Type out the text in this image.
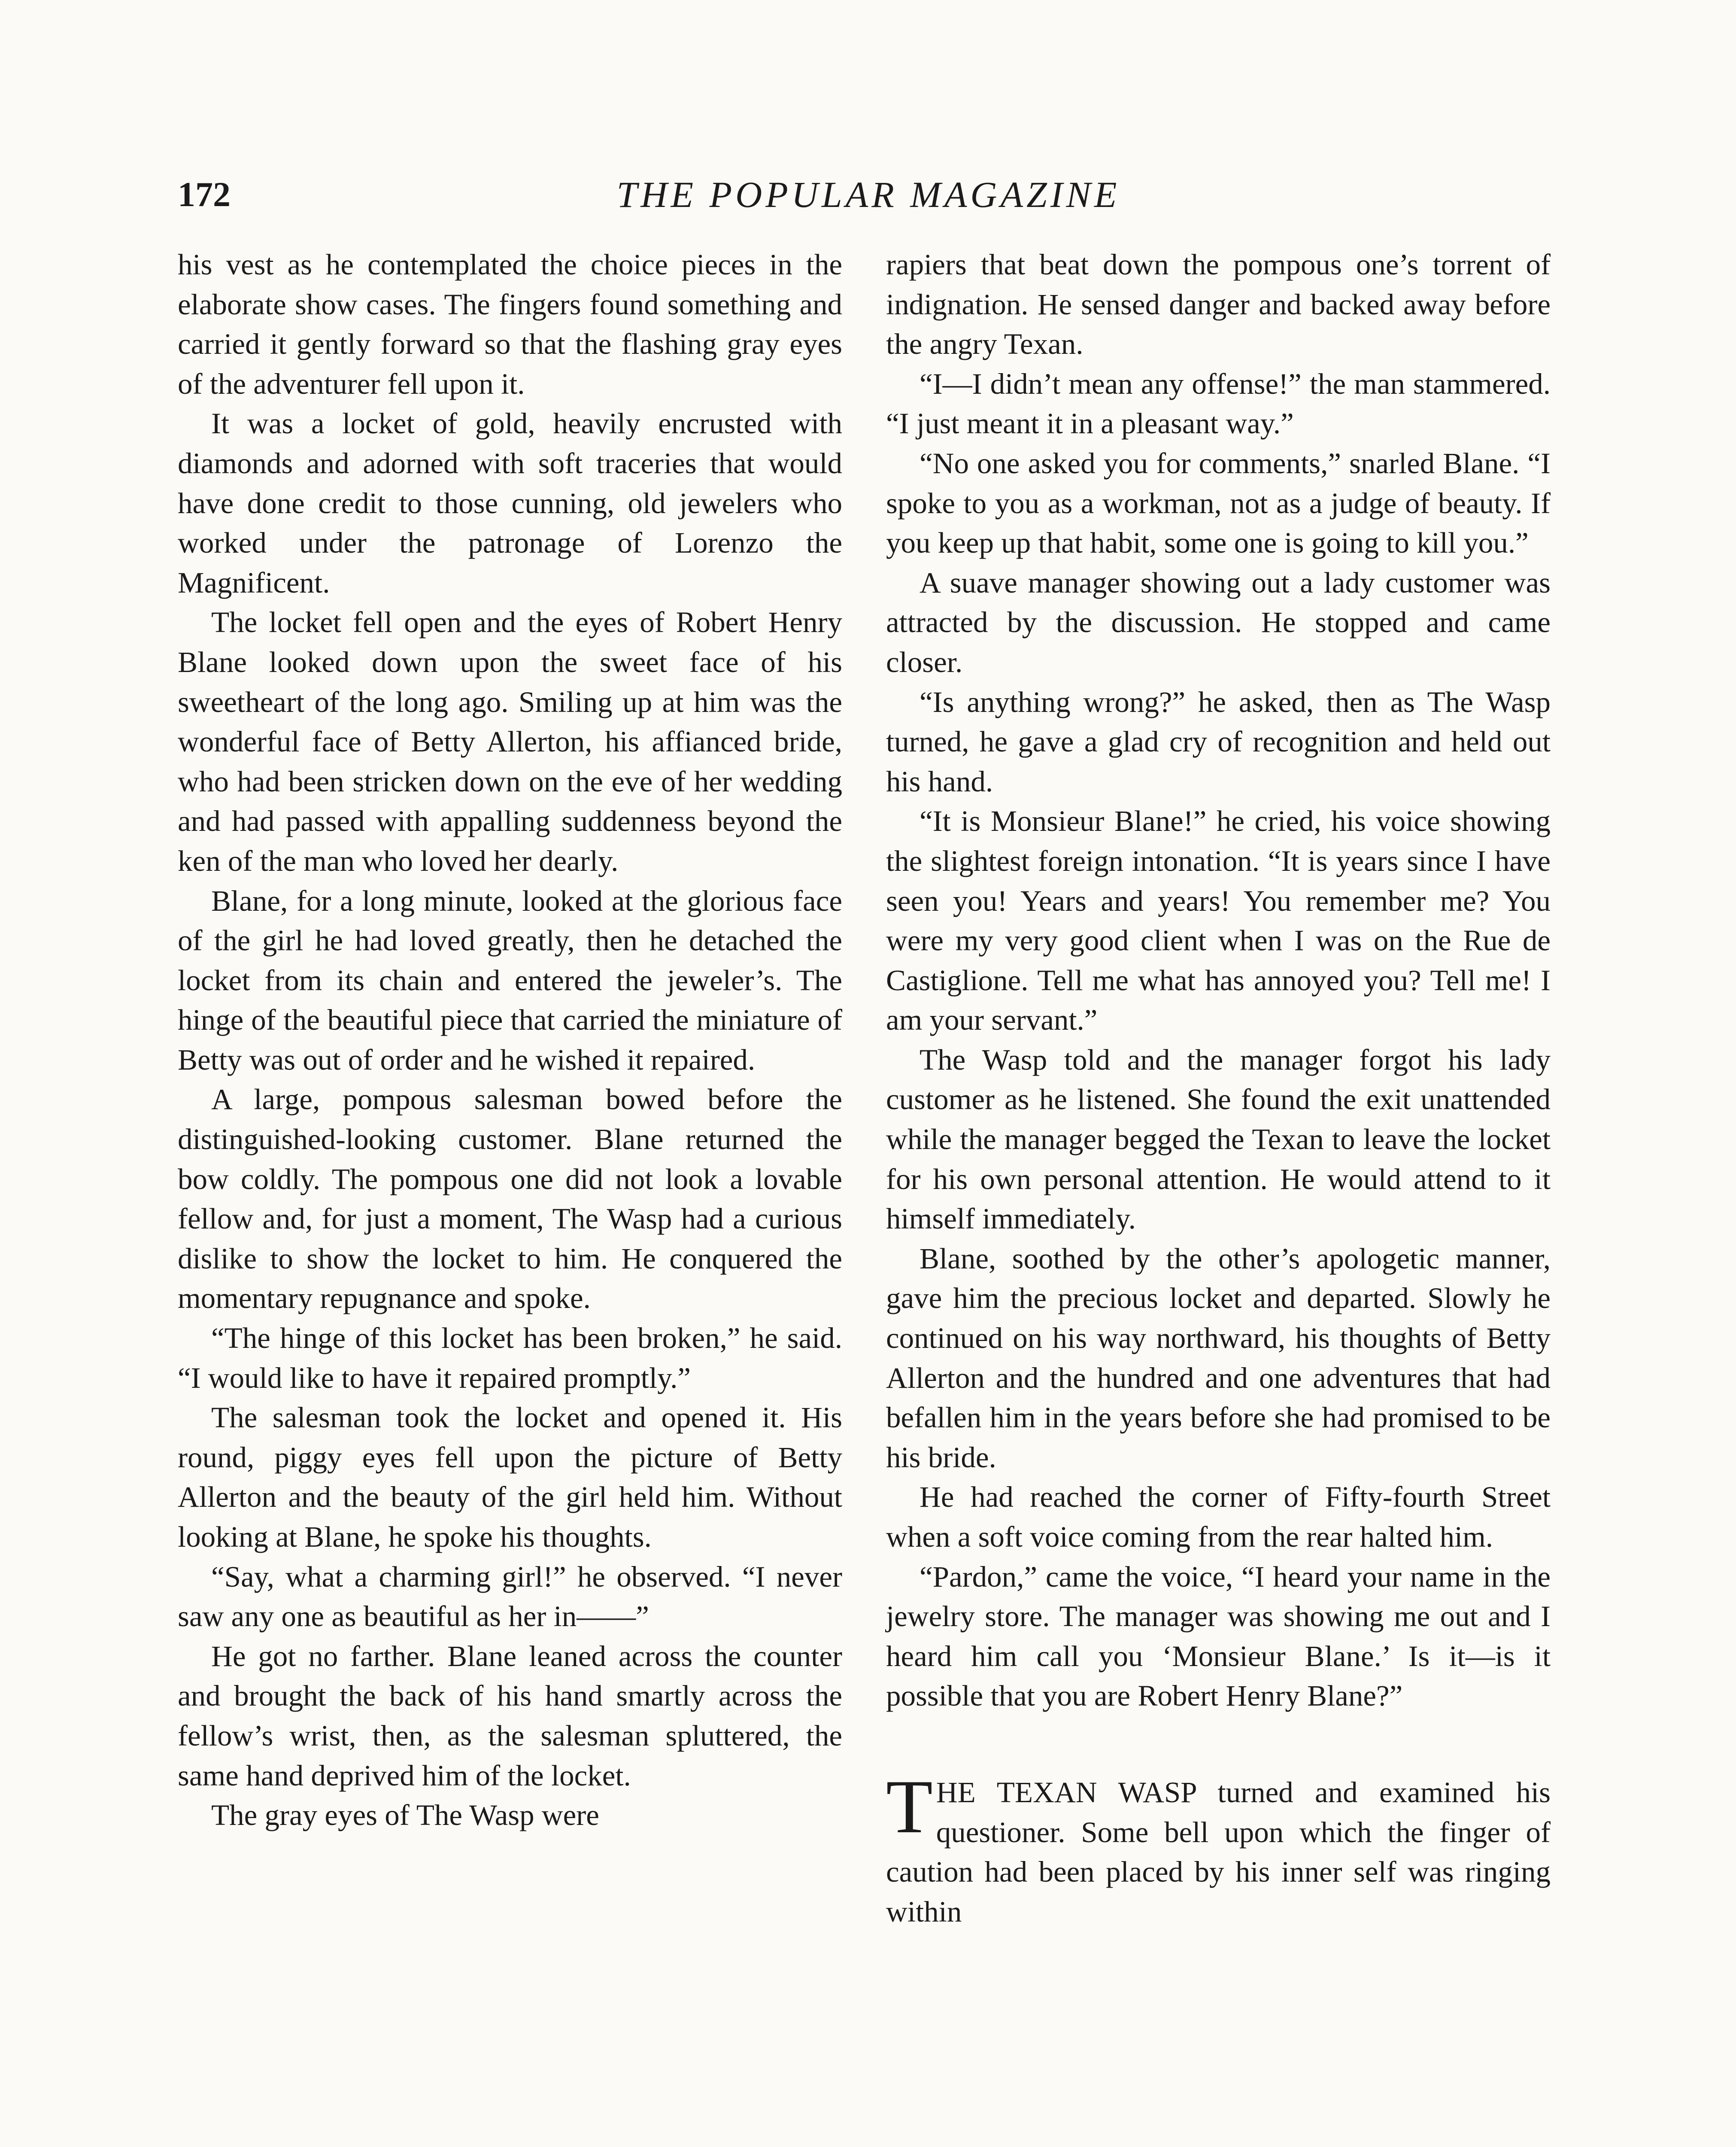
172	THE POPULAR MAGAZINE

his vest as he contemplated the choice pieces in the elaborate show cases. The fingers found something and carried it gently forward so that the flashing gray eyes of the adventurer fell upon it.

It was a locket of gold, heavily encrusted with diamonds and adorned with soft traceries that would have done credit to those cunning, old jewelers who worked under the patronage of Lorenzo the Magnificent.

The locket fell open and the eyes of Robert Henry Blane looked down upon the sweet face of his sweetheart of the long ago. Smiling up at him was the wonderful face of Betty Allerton, his affianced bride, who had been stricken down on the eve of her wedding and had passed with appalling suddenness beyond the ken of the man who loved her dearly.

Blane, for a long minute, looked at the glorious face of the girl he had loved greatly, then he detached the locket from its chain and entered the jeweler’s. The hinge of the beautiful piece that carried the miniature of Betty was out of order and he wished it repaired.

A large, pompous salesman bowed before the distinguished-looking customer. Blane returned the bow coldly. The pompous one did not look a lovable fellow and, for just a moment, The Wasp had a curious dislike to show the locket to him. He conquered the momentary repugnance and spoke.

“The hinge of this locket has been broken,” he said. “I would like to have it repaired promptly.”

The salesman took the locket and opened it. His round, piggy eyes fell upon the picture of Betty Allerton and the beauty of the girl held him. Without looking at Blane, he spoke his thoughts.

“Say, what a charming girl!” he observed. “I never saw any one as beautiful as her in——”

He got no farther. Blane leaned across the counter and brought the back of his hand smartly across the fellow’s wrist, then, as the salesman spluttered, the same hand deprived him of the locket.

The gray eyes of The Wasp were

rapiers that beat down the pompous one’s torrent of indignation. He sensed danger and backed away before the angry Texan.

“I—I didn’t mean any offense!” the man stammered. “I just meant it in a pleasant way.”

“No one asked you for comments,” snarled Blane. “I spoke to you as a workman, not as a judge of beauty. If you keep up that habit, some one is going to kill you.”

A suave manager showing out a lady customer was attracted by the discussion. He stopped and came closer.

“Is anything wrong?” he asked, then as The Wasp turned, he gave a glad cry of recognition and held out his hand.

“It is Monsieur Blane!” he cried, his voice showing the slightest foreign intonation. “It is years since I have seen you! Years and years! You remember me? You were my very good client when I was on the Rue de Castiglione. Tell me what has annoyed you? Tell me! I am your servant.”

The Wasp told and the manager forgot his lady customer as he listened. She found the exit unattended while the manager begged the Texan to leave the locket for his own personal attention. He would attend to it himself immediately.

Blane, soothed by the other’s apologetic manner, gave him the precious locket and departed. Slowly he continued on his way northward, his thoughts of Betty Allerton and the hundred and one adventures that had befallen him in the years before she had promised to be his bride.

He had reached the corner of Fifty-fourth Street when a soft voice coming from the rear halted him.

“Pardon,” came the voice, “I heard your name in the jewelry store. The manager was showing me out and I heard him call you ‘Monsieur Blane.’ Is it—is it possible that you are Robert Henry Blane?”

THE TEXAN WASP turned and examined his questioner. Some bell upon which the finger of caution had been placed by his inner self was ringing within
